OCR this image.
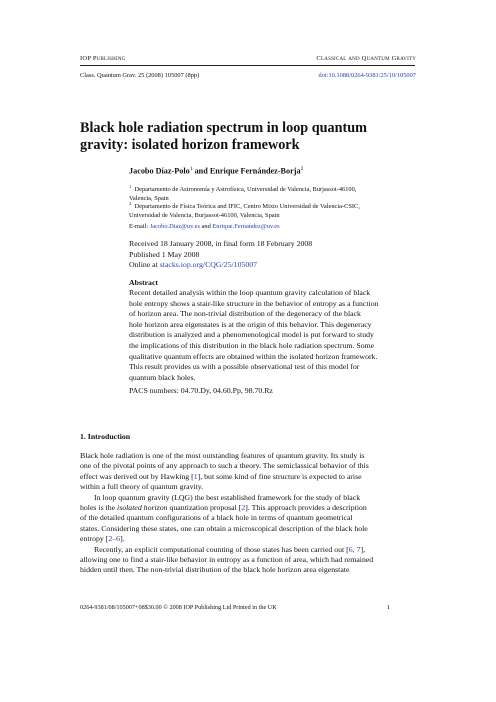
IOP Publishing	Classical and Quantum Gravity
Class. Quantum Grav. 25 (2008) 105007 (8pp)	doi:10.1088/0264-9381/25/10/105007
Black hole radiation spectrum in loop quantum
gravity: isolated horizon framework
Jacobo Díaz-Polo$^1$ and Enrique Fernández-Borja$^2$
$^1$ Departamento de Astronomía y Astrofísica, Universidad de Valencia, Burjassot-46100,
Valencia, Spain
$^2$ Departamento de Física Teórica and IFIC, Centro Mixto Universidad de Valencia-CSIC,
Universidad de Valencia, Burjassot-46100, Valencia, Spain
E-mail: Jacobo.Diaz@uv.es and Enrique.Fernandez@uv.es
Received 18 January 2008, in final form 18 February 2008
Published 1 May 2008
Online at stacks.iop.org/CQG/25/105007
Abstract
Recent detailed analysis within the loop quantum gravity calculation of black
hole entropy shows a stair-like structure in the behavior of entropy as a function
of horizon area. The non-trivial distribution of the degeneracy of the black
hole horizon area eigenstates is at the origin of this behavior. This degeneracy
distribution is analyzed and a phenomenological model is put forward to study
the implications of this distribution in the black hole radiation spectrum. Some
qualitative quantum effects are obtained within the isolated horizon framework.
This result provides us with a possible observational test of this model for
quantum black holes.
PACS numbers: 04.70.Dy, 04.60.Pp, 98.70.Rz
1. Introduction
Black hole radiation is one of the most outstanding features of quantum gravity. Its study is
one of the pivotal points of any approach to such a theory. The semiclassical behavior of this
effect was derived out by Hawking [1], but some kind of fine structure is expected to arise
within a full theory of quantum gravity.
In loop quantum gravity (LQG) the best established framework for the study of black
holes is the isolated horizon quantization proposal [2]. This approach provides a description
of the detailed quantum configurations of a black hole in terms of quantum geometrical
states. Considering these states, one can obtain a microscopical description of the black hole
entropy [2–6].
Recently, an explicit computational counting of those states has been carried out [6, 7],
allowing one to find a stair-like behavior in entropy as a function of area, which had remained
hidden until then. The non-trivial distribution of the black hole horizon area eigenstate
0264-9381/08/105007+08$30.00 © 2008 IOP Publishing Ltd Printed in the UK	1
